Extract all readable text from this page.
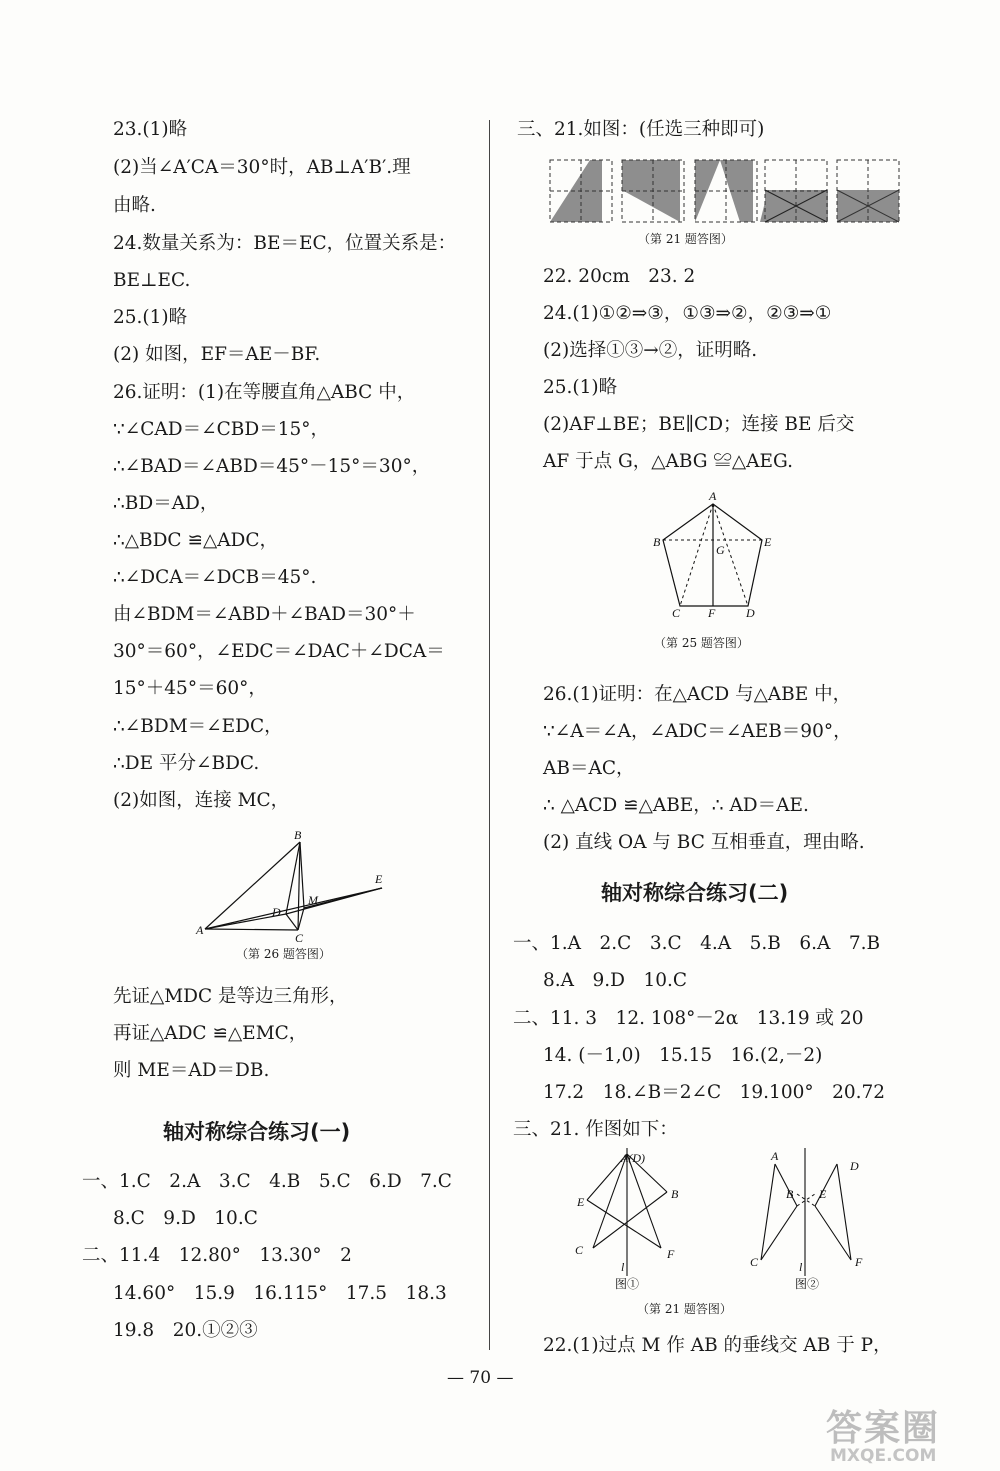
23.(1)略
(2)当∠A′CA＝30°时，AB⊥A′B′.理
由略.
24.数量关系为：BE＝EC，位置关系是：
BE⊥EC.
25.(1)略
(2) 如图，EF＝AE－BF.
26.证明：(1)在等腰直角△ABC 中，
∵∠CAD＝∠CBD＝15°，
∴∠BAD＝∠ABD＝45°－15°＝30°，
∴BD＝AD，
∴△BDC ≌△ADC，
∴∠DCA＝∠DCB＝45°.
由∠BDM＝∠ABD＋∠BAD＝30°＋
30°＝60°，∠EDC＝∠DAC＋∠DCA＝
15°＋45°＝60°，
∴∠BDM＝∠EDC，
∴DE 平分∠BDC.
(2)如图，连接 MC，
B
M
E
D
A
C
（第 26 题答图）
先证△MDC 是等边三角形，
再证△ADC ≌△EMC，
则 ME＝AD＝DB.
轴对称综合练习(一)
一、1.C　2.A　3.C　4.B　5.C　6.D　7.C
8.C　9.D　10.C
二、11.4　12.80°　13.30°　2
14.60°　15.9　16.115°　17.5　18.3
19.8　20.①②③
三、21.如图：(任选三种即可)
（第 21 题答图）
22. 20cm　23. 2
24.(1)①②⇒③，①③⇒②，②③⇒①
(2)选择①③→②，证明略.
25.(1)略
(2)AF⊥BE；BE∥CD；连接 BE 后交
AF 于点 G，△ABG ≌△AEG.
A
B	E
G
C F	D
（第 25 题答图）
26.(1)证明：在△ACD 与△ABE 中，
∵∠A＝∠A，∠ADC＝∠AEB＝90°，
AB＝AC，
∴ △ACD ≌△ABE，∴ AD＝AE.
(2) 直线 OA 与 BC 互相垂直，理由略.
轴对称综合练习(二)
一、1.A　2.C　3.C　4.A　5.B　6.A　7.B
8.A　9.D　10.C
二、11. 3　12. 108°－2α　13.19 或 20
14. (－1,0)　15.15　16.(2,－2)
17.2　18.∠B＝2∠C　19.100°　20.72
三、21. 作图如下：
A(D)
E
B
C
l
F
图①
A
D
B E
C	l	F
图②
（第 21 题答图）
22.(1)过点 M 作 AB 的垂线交 AB 于 P，
— 70 —
答案圈
MXQE.COM
